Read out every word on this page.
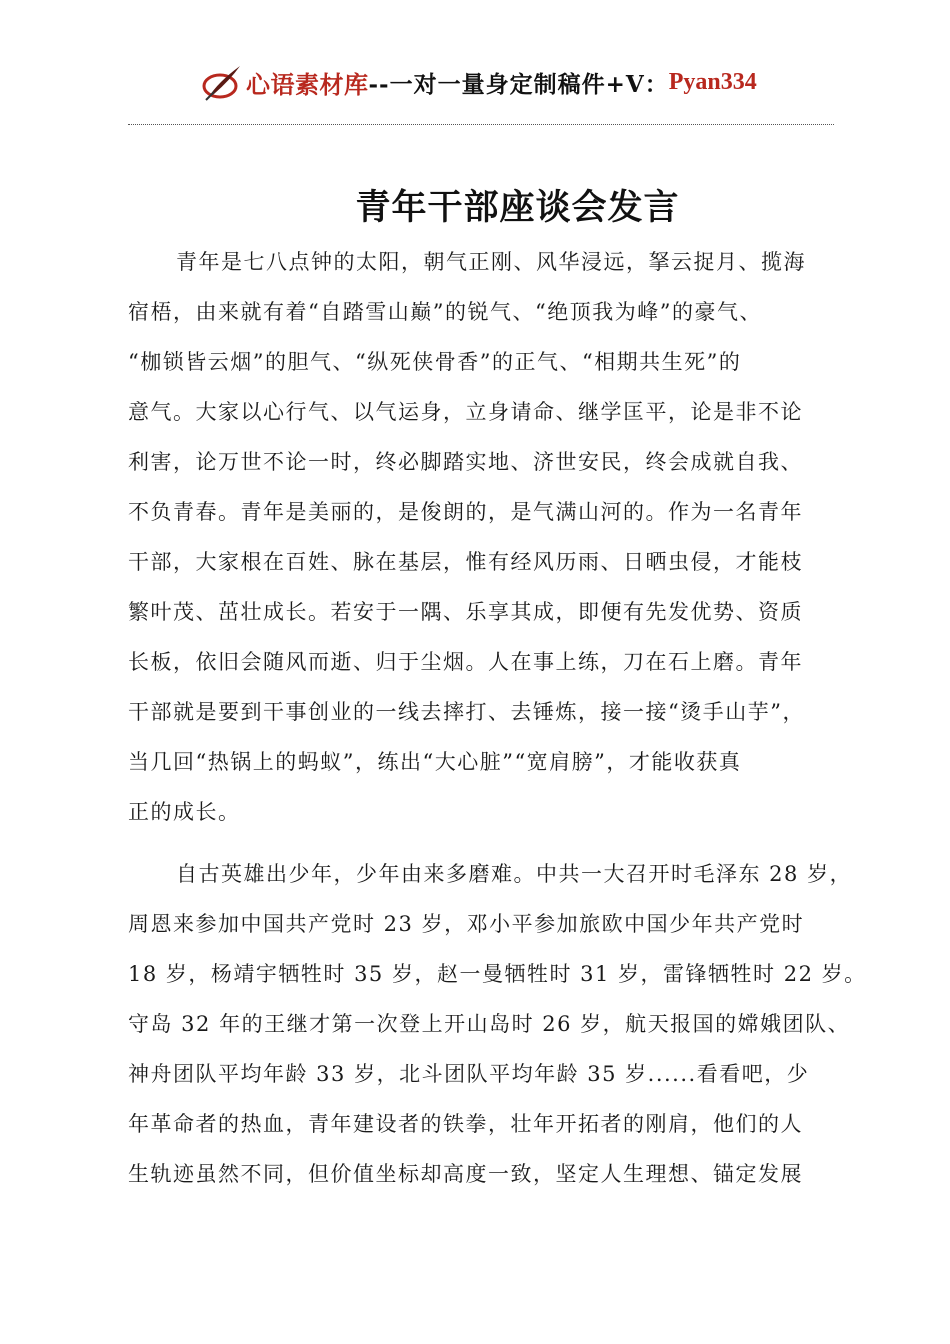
心语素材库 --一对一量身定制稿件+V： Pyan334
青年干部座谈会发言
青年是七八点钟的太阳，朝气正刚、风华浸远，拏云捉月、揽海
宿梧，由来就有着“自踏雪山巅”的锐气、“绝顶我为峰”的豪气、
“枷锁皆云烟”的胆气、“纵死侠骨香”的正气、“相期共生死”的
意气。大家以心行气、以气运身，立身请命、继学匡平，论是非不论
利害，论万世不论一时，终必脚踏实地、济世安民，终会成就自我、
不负青春。青年是美丽的，是俊朗的，是气满山河的。作为一名青年
干部，大家根在百姓、脉在基层，惟有经风历雨、日晒虫侵，才能枝
繁叶茂、茁壮成长。若安于一隅、乐享其成，即便有先发优势、资质
长板，依旧会随风而逝、归于尘烟。人在事上练，刀在石上磨。青年
干部就是要到干事创业的一线去摔打、去锤炼，接一接“烫手山芋”，
当几回“热锅上的蚂蚁”，练出“大心脏”“宽肩膀”，才能收获真
正的成长。
自古英雄出少年，少年由来多磨难。中共一大召开时毛泽东 28 岁，
周恩来参加中国共产党时 23 岁，邓小平参加旅欧中国少年共产党时
18 岁，杨靖宇牺牲时 35 岁，赵一曼牺牲时 31 岁，雷锋牺牲时 22 岁。
守岛 32 年的王继才第一次登上开山岛时 26 岁，航天报国的嫦娥团队、
神舟团队平均年龄 33 岁，北斗团队平均年龄 35 岁......看看吧，少
年革命者的热血，青年建设者的铁拳，壮年开拓者的刚肩，他们的人
生轨迹虽然不同，但价值坐标却高度一致，坚定人生理想、锚定发展
